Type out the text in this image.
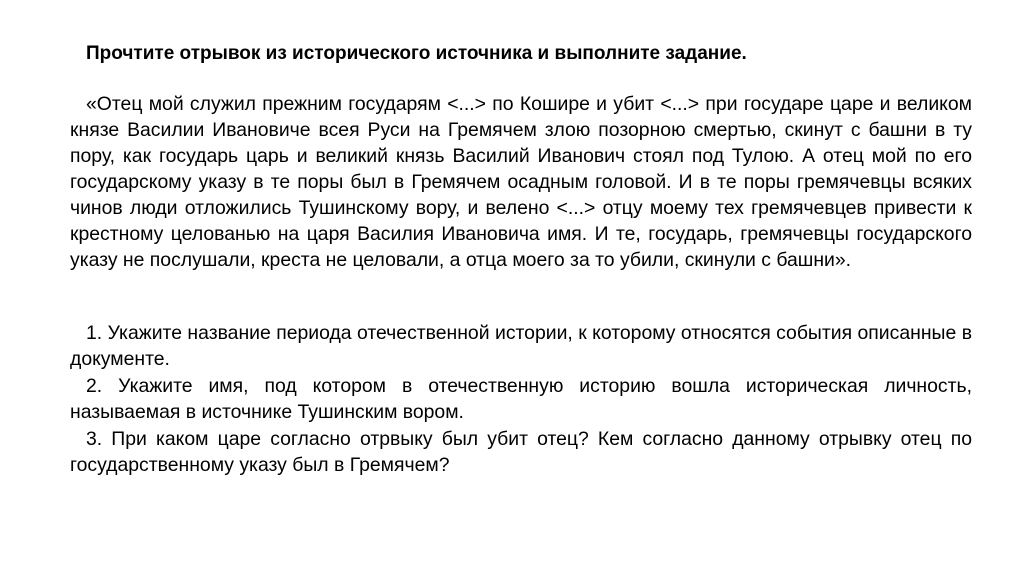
Прочтите отрывок из исторического источника и выполните задание.

«Отец мой служил прежним государям <...> по Кошире и убит <...> при государе царе и великом князе Василии Ивановиче всея Руси на Гремячем злою позорною смертью, скинут с башни в ту пору, как государь царь и великий князь Василий Иванович стоял под Тулою. А отец мой по его государскому указу в те поры был в Гремячем осадным головой. И в те поры гремячевцы всяких чинов люди отложились Тушинскому вору, и велено <...> отцу моему тех гремячевцев привести к крестному целованью на царя Василия Ивановича имя. И те, государь, гремячевцы государского указу не послушали, креста не целовали, а отца моего за то убили, скинули с башни».

1. Укажите название периода отечественной истории, к которому относятся события описанные в документе.

2. Укажите имя, под котором в отечественную историю вошла историческая личность, называемая в источнике Тушинским вором.

3. При каком царе согласно отрвыку был убит отец? Кем согласно данному отрывку отец по государственному указу был в Гремячем?
